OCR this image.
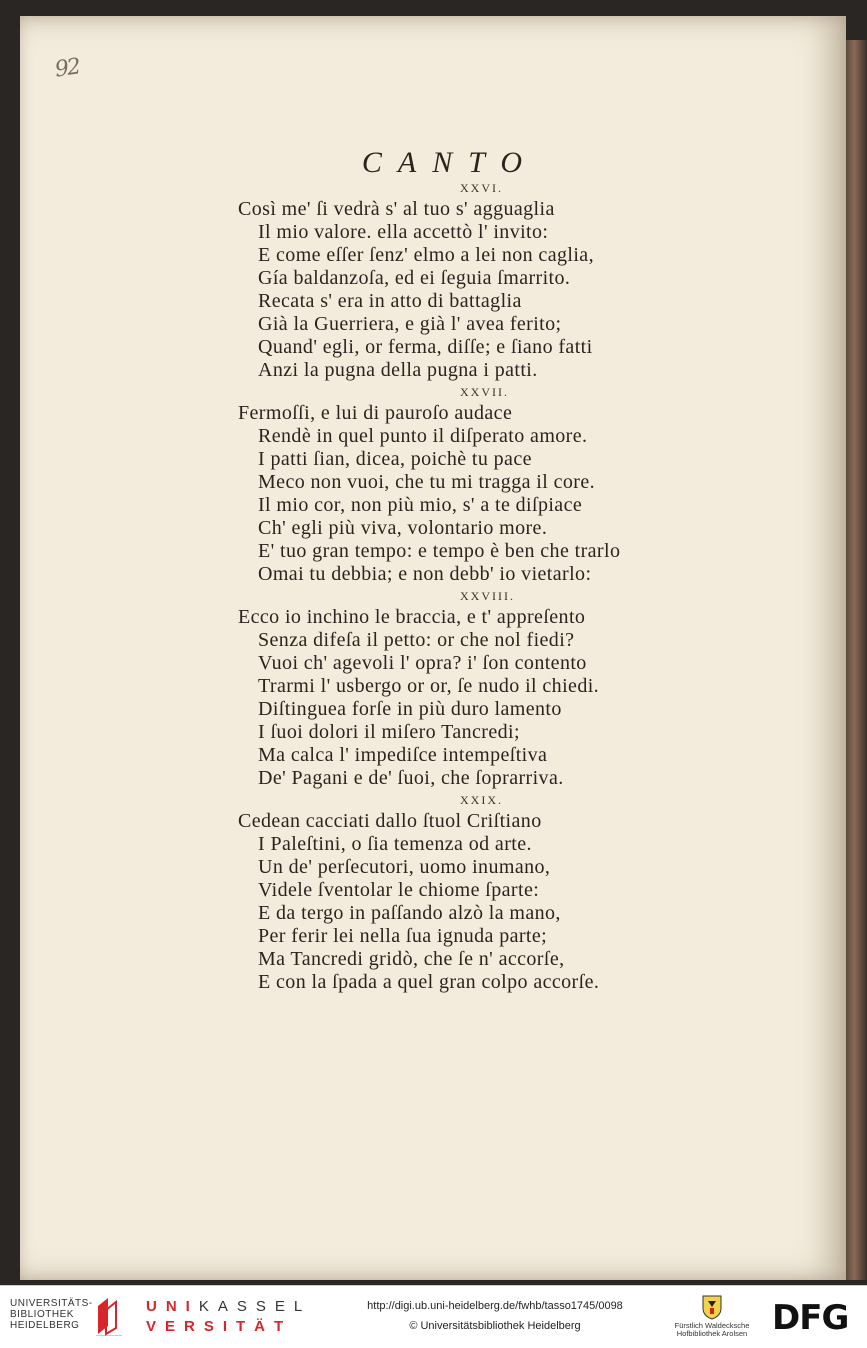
92
CANTO
XXVI.
Così me' ſi vedrà s' al tuo s' agguaglia
Il mio valore. ella accettò l' invito:
E come eſſer ſenz' elmo a lei non caglia,
Gía baldanzoſa, ed ei ſeguia ſmarrito.
Recata s' era in atto di battaglia
Già la Guerriera, e già l' avea ferito;
Quand' egli, or ferma, diſſe; e ſiano fatti
Anzi la pugna della pugna i patti.
XXVII.
Fermoſſi, e lui di pauroſo audace
Rendè in quel punto il diſperato amore.
I patti ſian, dicea, poichè tu pace
Meco non vuoi, che tu mi tragga il core.
Il mio cor, non più mio, s' a te diſpiace
Ch' egli più viva, volontario more.
E' tuo gran tempo: e tempo è ben che trarlo
Omai tu debbia; e non debb' io vietarlo:
XXVIII.
Ecco io inchino le braccia, e t' appreſento
Senza difeſa il petto: or che nol fiedi?
Vuoi ch' agevoli l' opra? i' ſon contento
Trarmi l' usbergo or or, ſe nudo il chiedi.
Diſtinguea forſe in più duro lamento
I ſuoi dolori il miſero Tancredi;
Ma calca l' impediſce intempeſtiva
De' Pagani e de' ſuoi, che ſoprarriva.
XXIX.
Cedean cacciati dallo ſtuol Criſtiano
I Paleſtini, o ſia temenza od arte.
Un de' perſecutori, uomo inumano,
Videle ſventolar le chiome ſparte:
E da tergo in paſſando alzò la mano,
Per ferir lei nella ſua ignuda parte;
Ma Tancredi gridò, che ſe n' accorſe,
E con la ſpada a quel gran colpo accorſe.
UNIVERSITÄTS-
BIBLIOTHEK
HEIDELBERG
UNIKASSEL
VERSITÄT
http://digi.ub.uni-heidelberg.de/fwhb/tasso1745/0098
© Universitätsbibliothek Heidelberg	Fürstlich Waldecksche
Hofbibliothek Arolsen DFG
